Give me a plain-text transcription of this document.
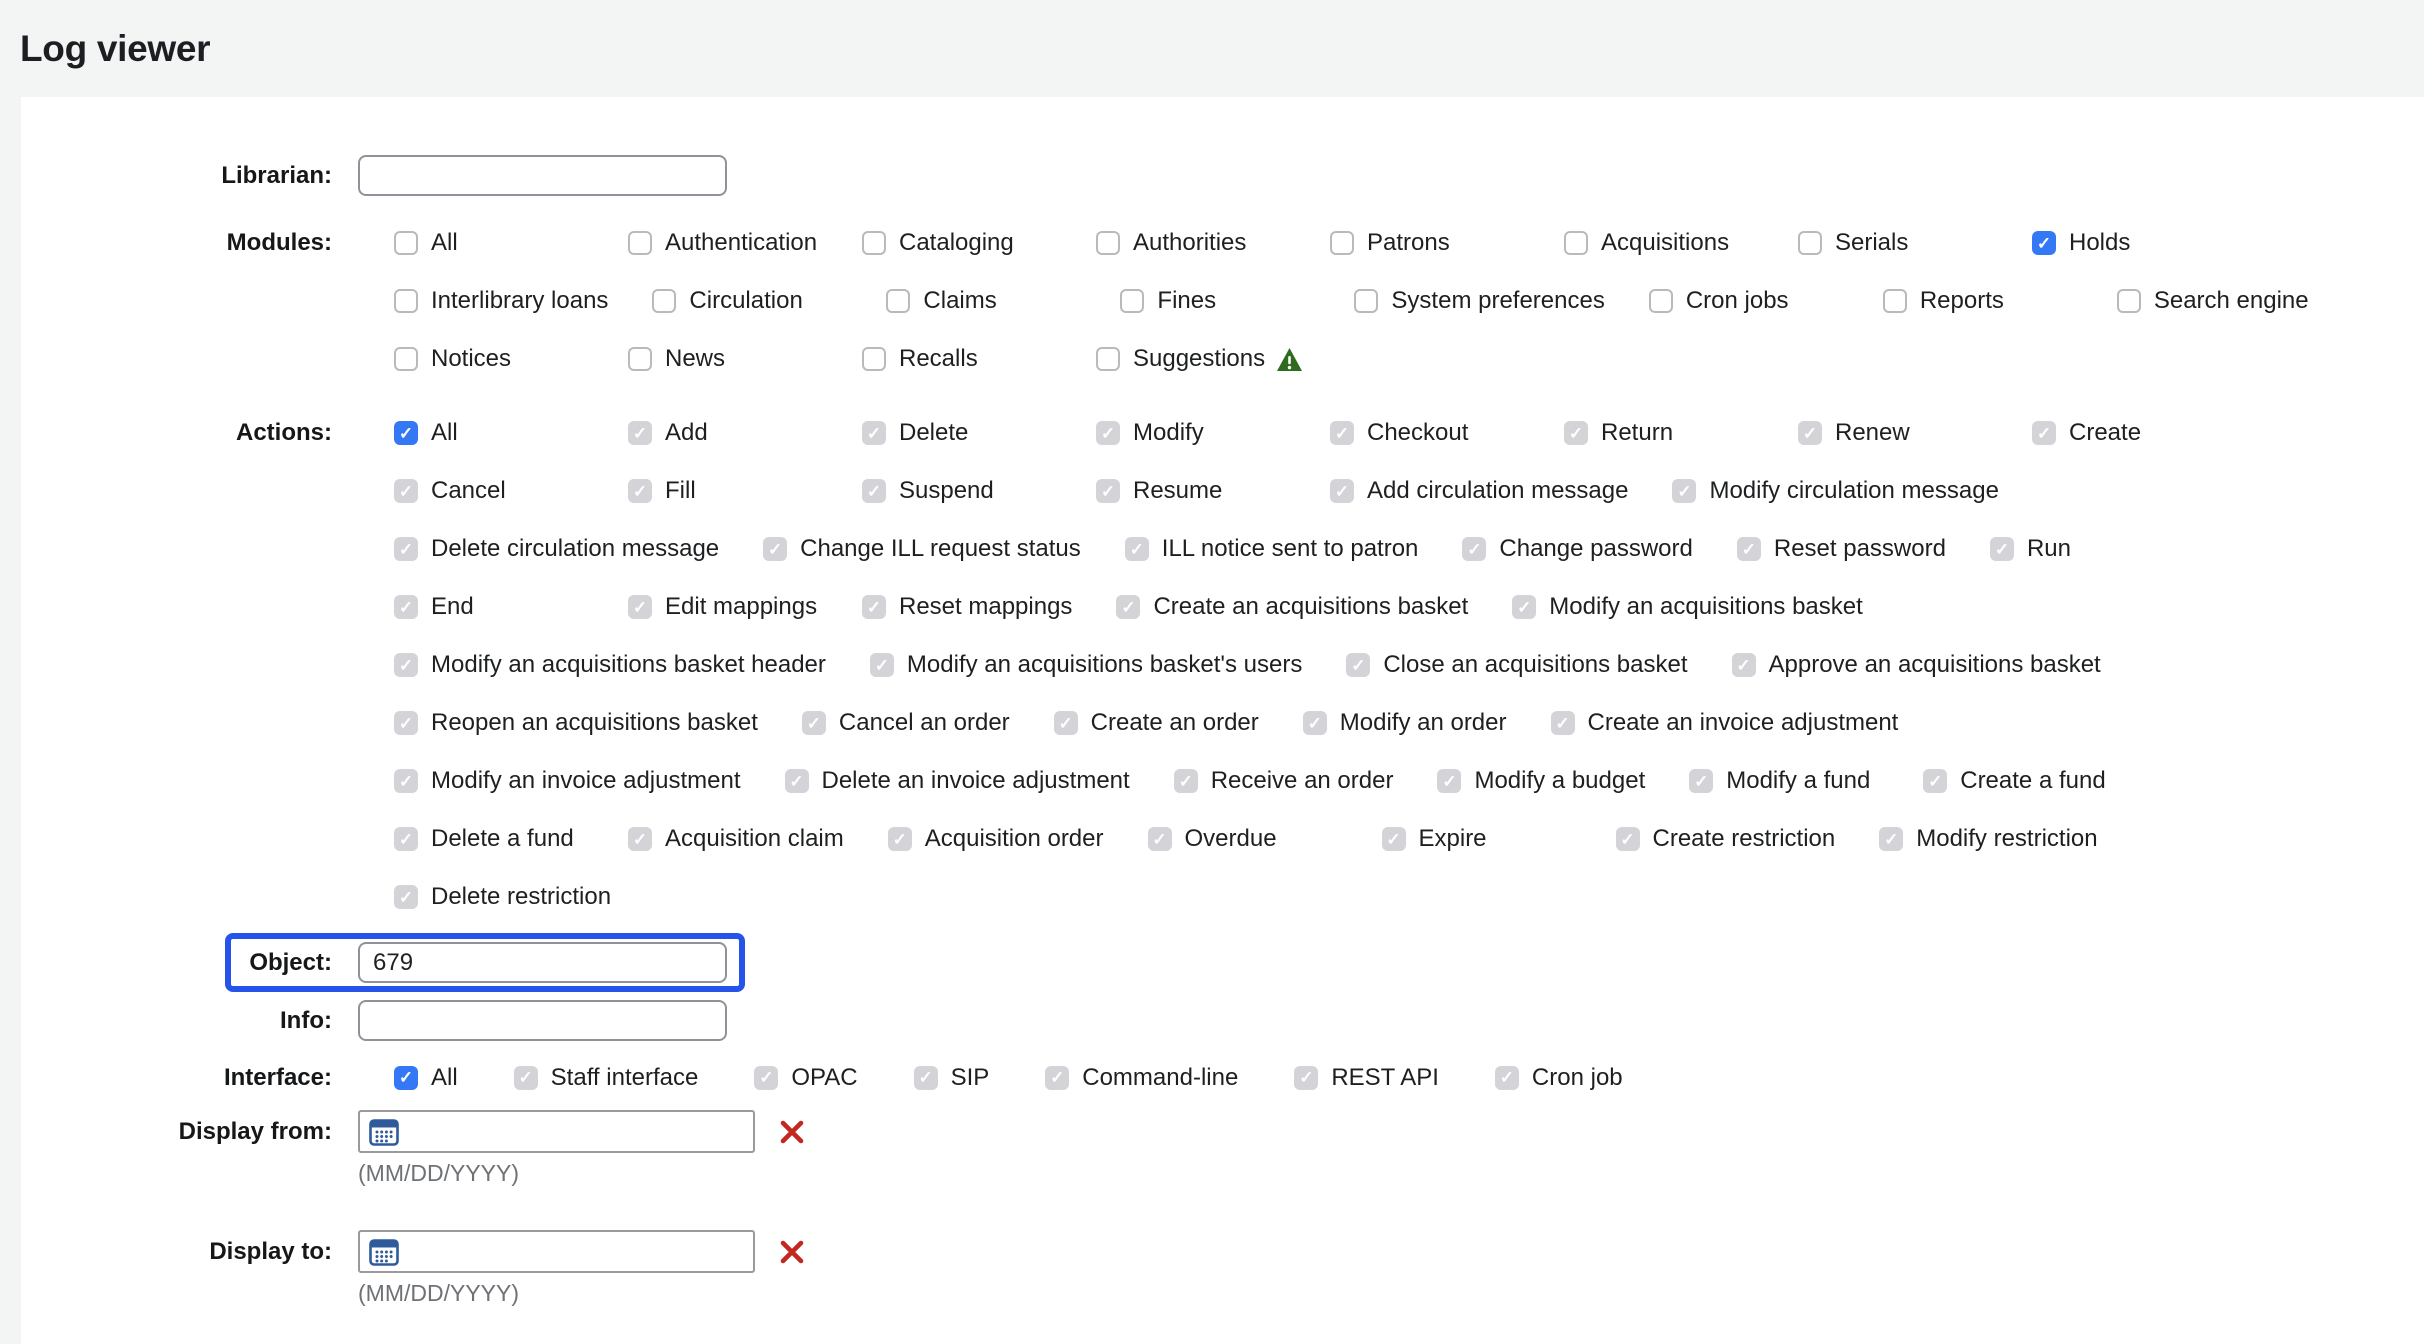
Log viewer
Librarian:
Modules:	All	Authentication	Cataloging	Authorities	Patrons	Acquisitions	Serials	✓ Holds
Interlibrary loans	Circulation	Claims	Fines	System preferences	Cron jobs	Reports	Search engine
Notices	News	Recalls	Suggestions
Actions:	✓ All	✓ Add	✓ Delete	✓ Modify	✓ Checkout	✓ Return	✓ Renew	✓ Create
✓ Cancel	✓ Fill	✓ Suspend	✓ Resume	✓ Add circulation message	✓ Modify circulation message
✓ Delete circulation message	✓ Change ILL request status	✓ ILL notice sent to patron	✓ Change password	✓ Reset password	✓ Run
✓ End	✓ Edit mappings	✓ Reset mappings	✓ Create an acquisitions basket	✓ Modify an acquisitions basket
✓ Modify an acquisitions basket header	✓ Modify an acquisitions basket's users	✓ Close an acquisitions basket	✓ Approve an acquisitions basket
✓ Reopen an acquisitions basket	✓ Cancel an order	✓ Create an order	✓ Modify an order	✓ Create an invoice adjustment
✓ Modify an invoice adjustment	✓ Delete an invoice adjustment	✓ Receive an order	✓ Modify a budget	✓ Modify a fund	✓ Create a fund
✓ Delete a fund	✓ Acquisition claim	✓ Acquisition order	✓ Overdue	✓ Expire	✓ Create restriction	✓ Modify restriction
✓ Delete restriction
Object:
679
Info:
Interface:	✓ All	✓ Staff interface	✓ OPAC	✓ SIP	✓ Command-line	✓ REST API	✓ Cron job
Display from:
(MM/DD/YYYY)
Display to:
(MM/DD/YYYY)
